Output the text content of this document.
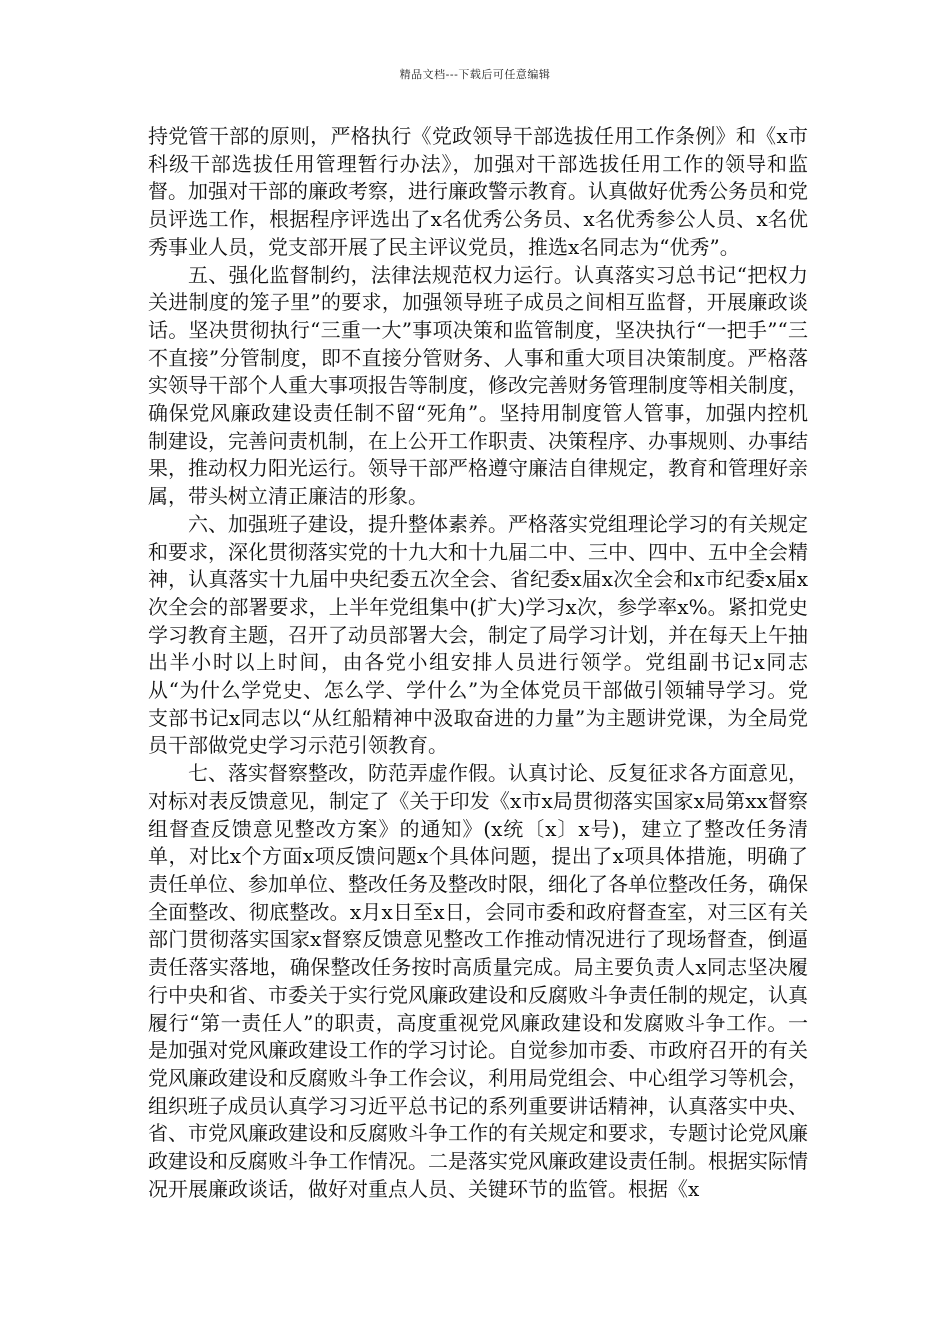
精品文档---下载后可任意编辑

持党管干部的原则，严格执行《党政领导干部选拔任用工作条例》和《x市科级干部选拔任用管理暂行办法》，加强对干部选拔任用工作的领导和监督。加强对干部的廉政考察，进行廉政警示教育。认真做好优秀公务员和党员评选工作，根据程序评选出了x名优秀公务员、x名优秀参公人员、x名优秀事业人员，党支部开展了民主评议党员，推选x名同志为“优秀”。

五、强化监督制约，法律法规范权力运行。认真落实习总书记“把权力关进制度的笼子里”的要求，加强领导班子成员之间相互监督，开展廉政谈话。坚决贯彻执行“三重一大”事项决策和监管制度，坚决执行“一把手”“三不直接”分管制度，即不直接分管财务、人事和重大项目决策制度。严格落实领导干部个人重大事项报告等制度，修改完善财务管理制度等相关制度，确保党风廉政建设责任制不留“死角”。坚持用制度管人管事，加强内控机制建设，完善问责机制，在上公开工作职责、决策程序、办事规则、办事结果，推动权力阳光运行。领导干部严格遵守廉洁自律规定，教育和管理好亲属，带头树立清正廉洁的形象。

六、加强班子建设，提升整体素养。严格落实党组理论学习的有关规定和要求，深化贯彻落实党的十九大和十九届二中、三中、四中、五中全会精神，认真落实十九届中央纪委五次全会、省纪委x届x次全会和x市纪委x届x次全会的部署要求，上半年党组集中(扩大)学习x次，参学率x%。紧扣党史学习教育主题，召开了动员部署大会，制定了局学习计划，并在每天上午抽出半小时以上时间，由各党小组安排人员进行领学。党组副书记x同志从“为什么学党史、怎么学、学什么”为全体党员干部做引领辅导学习。党支部书记x同志以“从红船精神中汲取奋进的力量”为主题讲党课，为全局党员干部做党史学习示范引领教育。

七、落实督察整改，防范弄虚作假。认真讨论、反复征求各方面意见，对标对表反馈意见，制定了《关于印发《x市x局贯彻落实国家x局第xx督察组督查反馈意见整改方案》的通知》(x统〔x〕x号)，建立了整改任务清单，对比x个方面x项反馈问题x个具体问题，提出了x项具体措施，明确了责任单位、参加单位、整改任务及整改时限，细化了各单位整改任务，确保全面整改、彻底整改。x月x日至x日，会同市委和政府督查室，对三区有关部门贯彻落实国家x督察反馈意见整改工作推动情况进行了现场督查，倒逼责任落实落地，确保整改任务按时高质量完成。局主要负责人x同志坚决履行中央和省、市委关于实行党风廉政建设和反腐败斗争责任制的规定，认真履行“第一责任人”的职责，高度重视党风廉政建设和发腐败斗争工作。一是加强对党风廉政建设工作的学习讨论。自觉参加市委、市政府召开的有关党风廉政建设和反腐败斗争工作会议，利用局党组会、中心组学习等机会，组织班子成员认真学习习近平总书记的系列重要讲话精神，认真落实中央、省、市党风廉政建设和反腐败斗争工作的有关规定和要求，专题讨论党风廉政建设和反腐败斗争工作情况。二是落实党风廉政建设责任制。根据实际情况开展廉政谈话，做好对重点人员、关键环节的监管。根据《x
